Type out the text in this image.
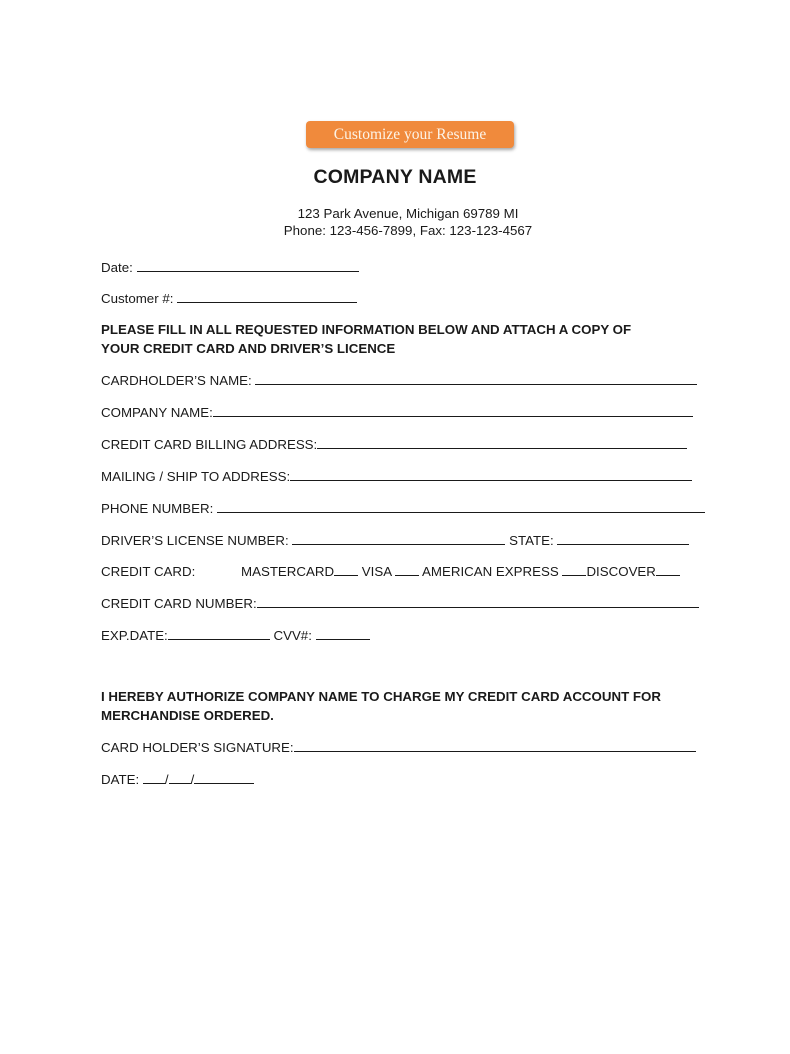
Customize your Resume
COMPANY NAME
123 Park Avenue, Michigan 69789 MI
Phone: 123-456-7899, Fax: 123-123-4567
Date:
Customer #:
PLEASE FILL IN ALL REQUESTED INFORMATION BELOW AND ATTACH A COPY OF
YOUR CREDIT CARD AND DRIVER’S LICENCE
CARDHOLDER’S NAME:
COMPANY NAME:
CREDIT CARD BILLING ADDRESS:
MAILING / SHIP TO ADDRESS:
PHONE NUMBER:
DRIVER’S LICENSE NUMBER:	STATE:
CREDIT CARD:	MASTERCARD VISA AMERICAN EXPRESS DISCOVER
CREDIT CARD NUMBER:
EXP.DATE:	CVV#:
I HEREBY AUTHORIZE COMPANY NAME TO CHARGE MY CREDIT CARD ACCOUNT FOR
MERCHANDISE ORDERED.
CARD HOLDER’S SIGNATURE:
DATE: / /
